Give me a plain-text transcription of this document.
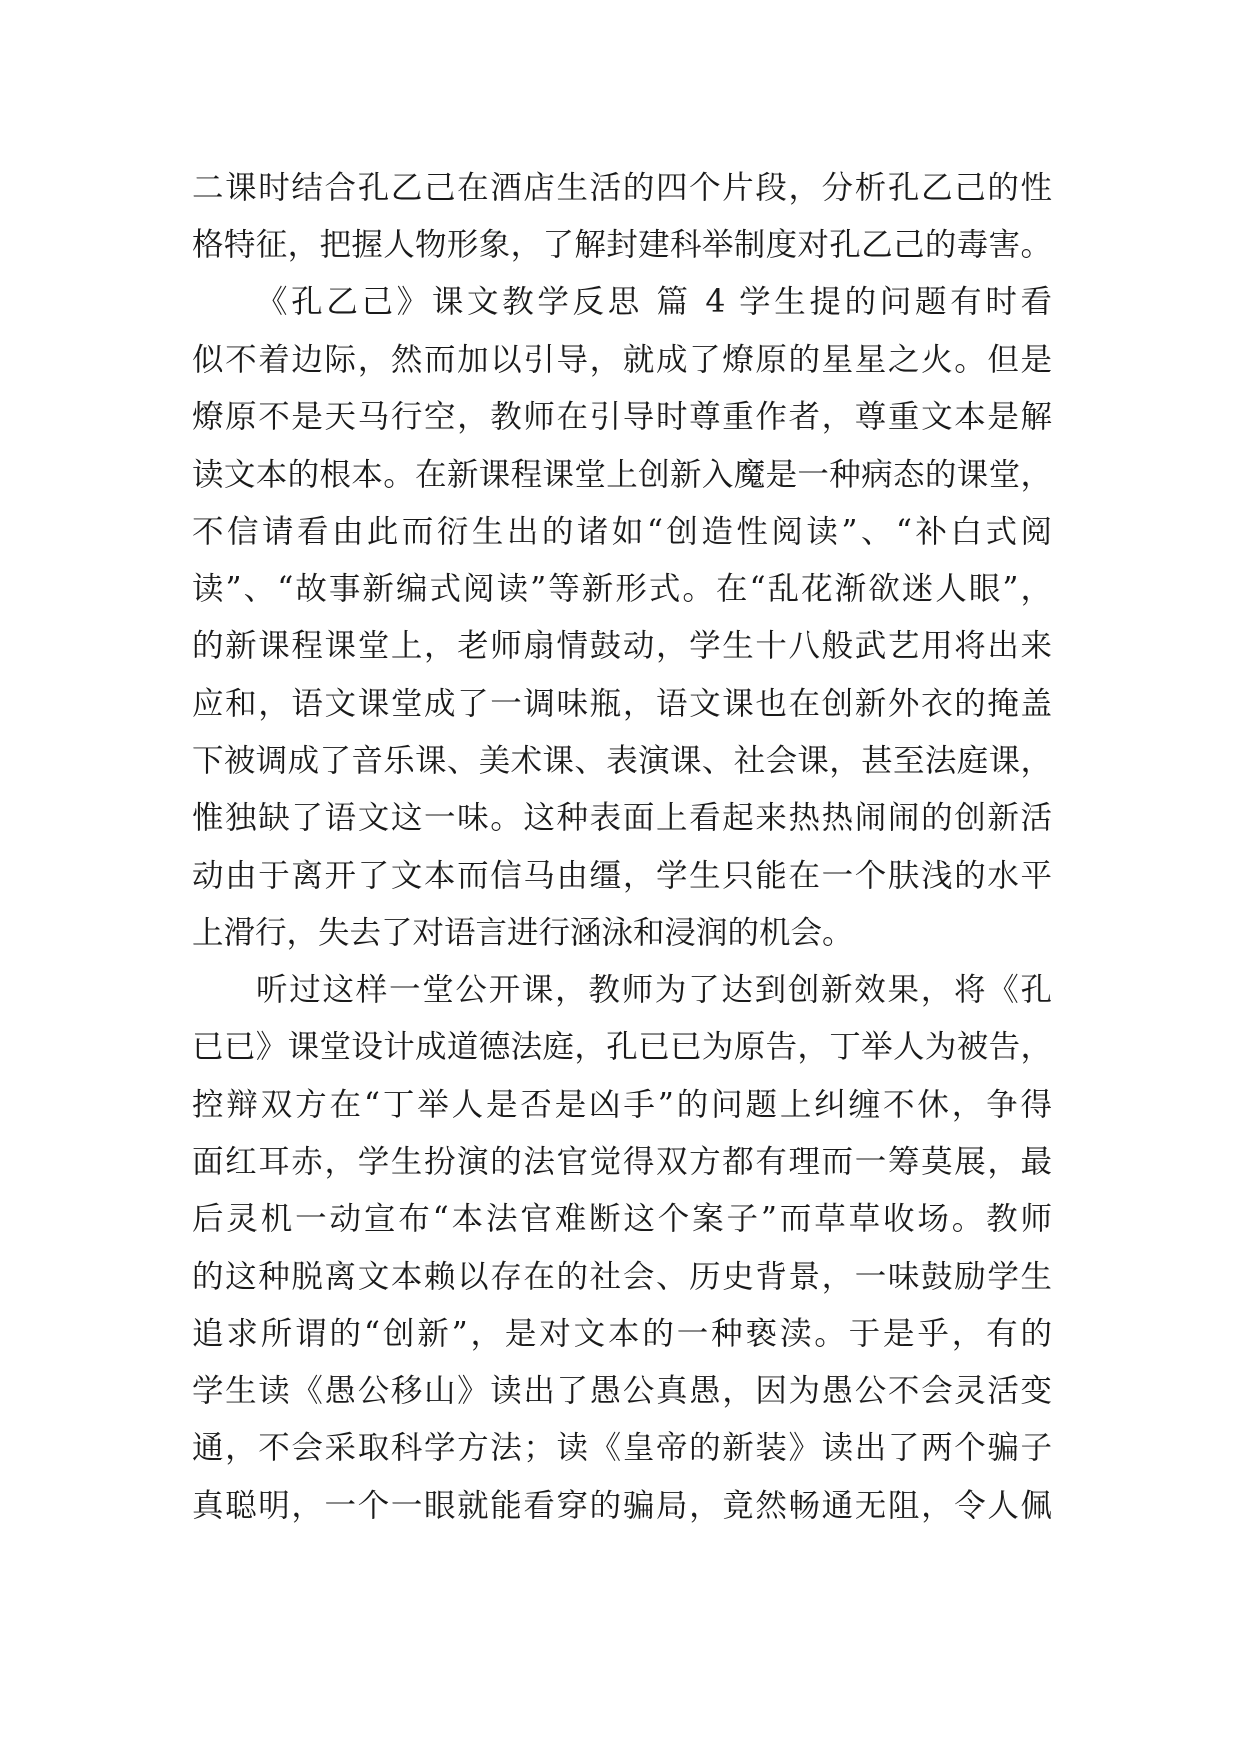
二课时结合孔乙己在酒店生活的四个片段，分析孔乙己的性
格特征，把握人物形象，了解封建科举制度对孔乙己的毒害。
《孔乙己》课文教学反思 篇 4 学生提的问题有时看
似不着边际，然而加以引导，就成了燎原的星星之火。但是
燎原不是天马行空，教师在引导时尊重作者，尊重文本是解
读文本的根本。在新课程课堂上创新入魔是一种病态的课堂，
不信请看由此而衍生出的诸如“创造性阅读”、“补白式阅
读”、“故事新编式阅读”等新形式。在“乱花渐欲迷人眼”，
的新课程课堂上，老师扇情鼓动，学生十八般武艺用将出来
应和，语文课堂成了一调味瓶，语文课也在创新外衣的掩盖
下被调成了音乐课、美术课、表演课、社会课，甚至法庭课，
惟独缺了语文这一味。这种表面上看起来热热闹闹的创新活
动由于离开了文本而信马由缰，学生只能在一个肤浅的水平
上滑行，失去了对语言进行涵泳和浸润的机会。
听过这样一堂公开课，教师为了达到创新效果，将《孔
已已》课堂设计成道德法庭，孔已已为原告，丁举人为被告，
控辩双方在“丁举人是否是凶手”的问题上纠缠不休，争得
面红耳赤，学生扮演的法官觉得双方都有理而一筹莫展，最
后灵机一动宣布“本法官难断这个案子”而草草收场。教师
的这种脱离文本赖以存在的社会、历史背景，一味鼓励学生
追求所谓的“创新”，是对文本的一种亵渎。于是乎，有的
学生读《愚公移山》读出了愚公真愚，因为愚公不会灵活变
通，不会采取科学方法；读《皇帝的新装》读出了两个骗子
真聪明，一个一眼就能看穿的骗局，竟然畅通无阻，令人佩
